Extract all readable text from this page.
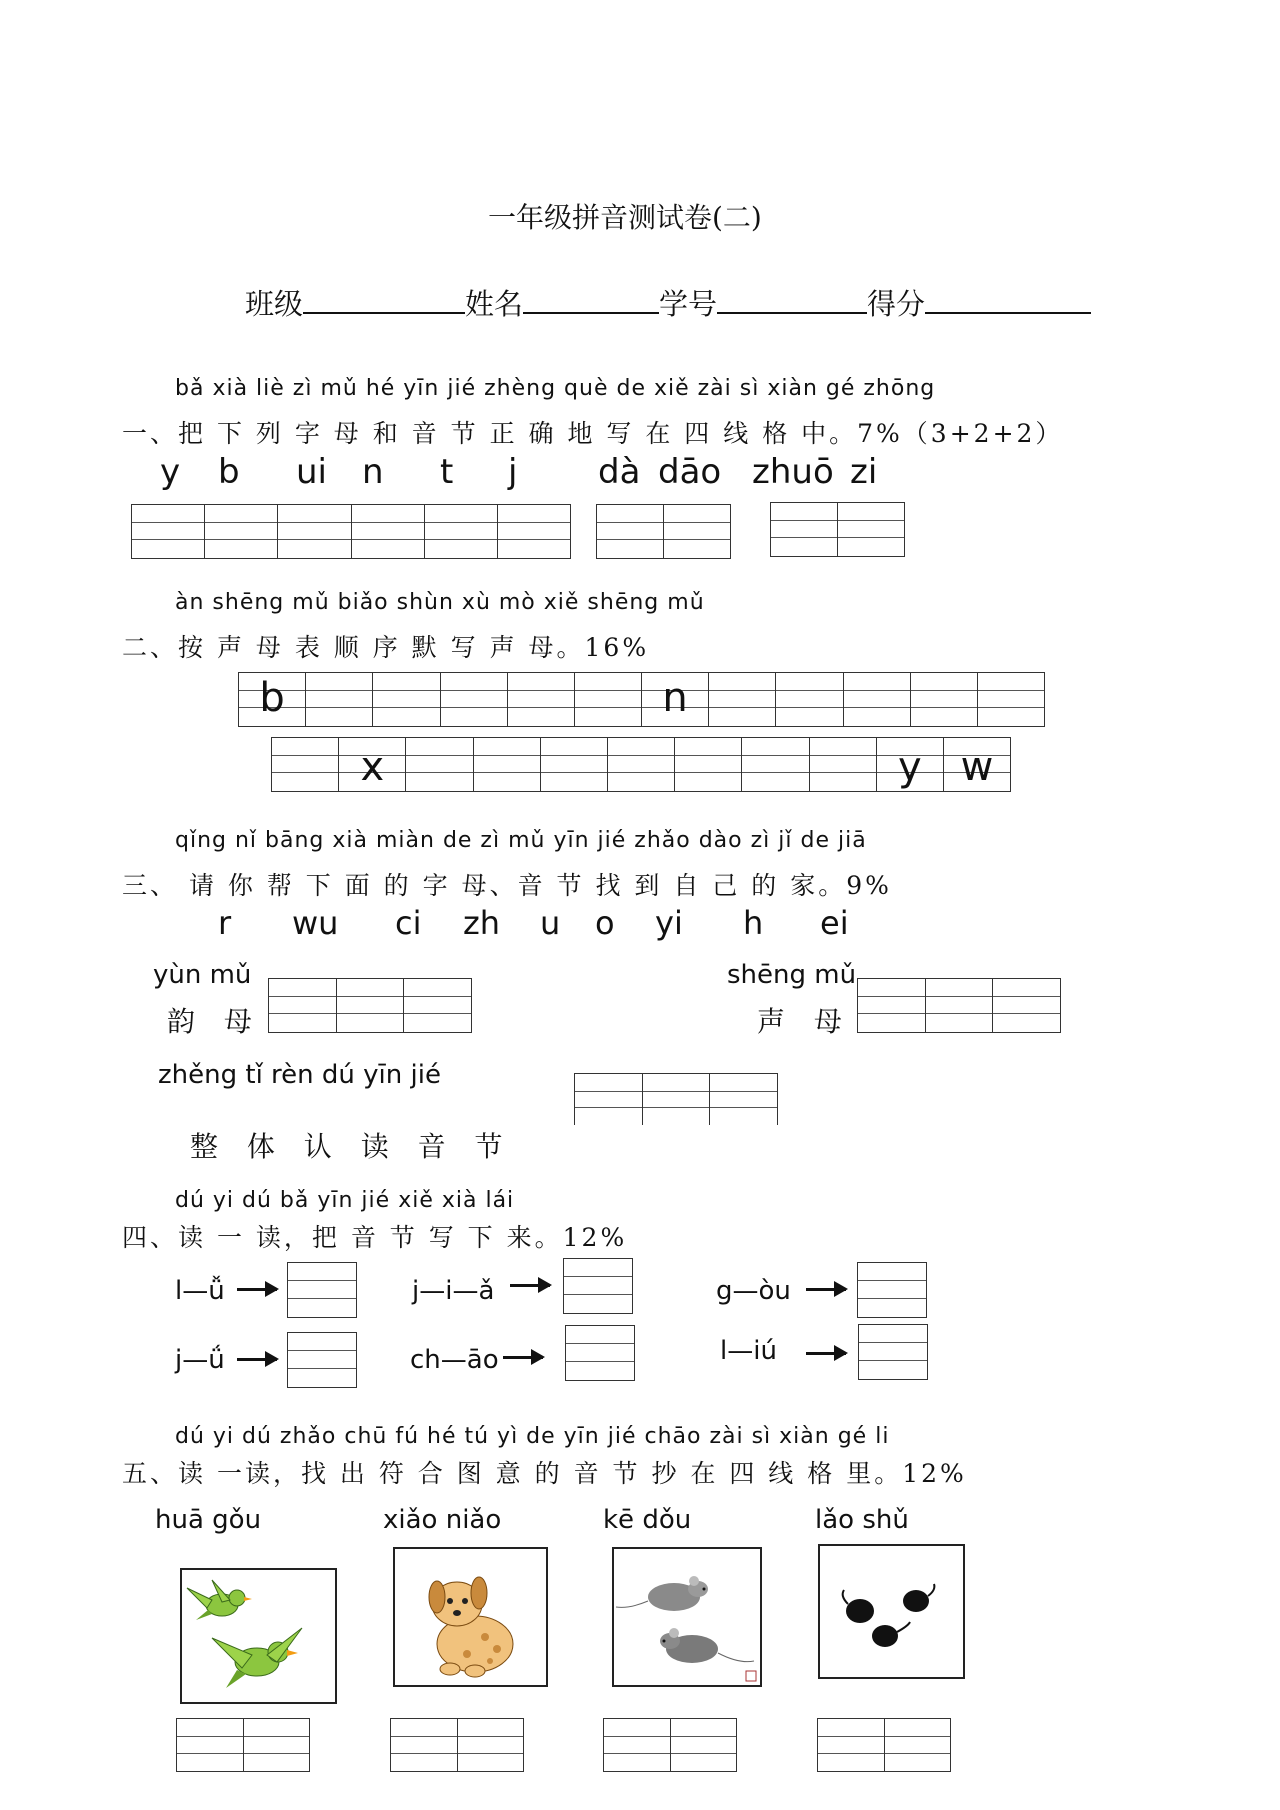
一年级拼音测试卷(二)
班级	姓名	学号	得分
bǎ xià liè zì mǔ hé yīn jié zhèng què de xiě zài sì xiàn gé zhōng
一、把 下 列 字 母 和 音 节 正 确 地 写 在 四 线 格 中。7%（3+2+2）
y b ui n t j dà dāo zhuō zi
àn shēng mǔ biǎo shùn xù mò xiě shēng mǔ
二、按 声 母 表 顺 序 默 写 声 母。16%
b	n
x	y w
qǐng nǐ bāng xià miàn de zì mǔ yīn jié zhǎo dào zì jǐ de jiā
三、 请 你 帮 下 面 的 字 母、音 节 找 到 自 己 的 家。9%
r wu ci zh u o yi h ei
yùn mǔ
韵 母
shēng mǔ
声 母
zhěng tǐ rèn dú yīn jié
整 体 认 读 音 节
dú yi dú bǎ yīn jié xiě xià lái
四、读 一 读，把 音 节 写 下 来。12%
l—ǚ	j—i—ǎ	g—òu
j—ǘ	ch—āo	l—iú
dú yi dú zhǎo chū fú hé tú yì de yīn jié chāo zài sì xiàn gé li
五、读 一读，找 出 符 合 图 意 的 音 节 抄 在 四 线 格 里。12%
huā gǒu	xiǎo niǎo	kē dǒu	lǎo shǔ
